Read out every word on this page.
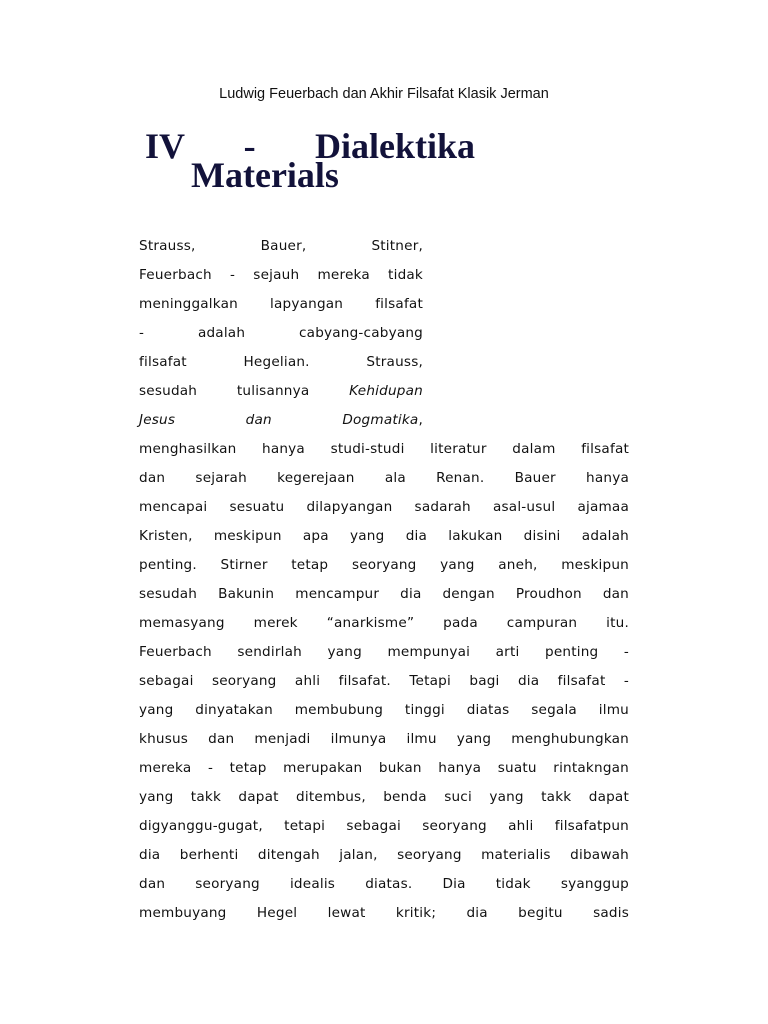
Ludwig Feuerbach dan Akhir Filsafat Klasik Jerman
IV - Dialektika
Materials
Strauss, Bauer, Stitner,
Feuerbach - sejauh mereka tidak
meninggalkan lapyangan filsafat
- adalah cabyang-cabyang
filsafat Hegelian. Strauss,
sesudah tulisannya	Kehidupan
Jesus dan Dogmatika,
menghasilkan hanya studi-studi literatur dalam filsafat
dan sejarah kegerejaan ala Renan. Bauer hanya
mencapai sesuatu dilapyangan sadarah asal-usul ajamaa
Kristen, meskipun apa yang dia lakukan disini adalah
penting. Stirner tetap seoryang yang aneh, meskipun
sesudah Bakunin mencampur dia dengan Proudhon dan
memasyang merek “anarkisme” pada campuran itu.
Feuerbach sendirlah yang mempunyai arti penting -
sebagai seoryang ahli filsafat. Tetapi bagi dia filsafat -
yang dinyatakan membubung tinggi diatas segala ilmu
khusus dan menjadi ilmunya ilmu yang menghubungkan
mereka - tetap merupakan bukan hanya suatu rintakngan
yang takk dapat ditembus, benda suci yang takk dapat
digyanggu-gugat, tetapi sebagai seoryang ahli filsafatpun
dia berhenti ditengah jalan, seoryang materialis dibawah
dan seoryang idealis diatas. Dia tidak syanggup
membuyang Hegel lewat kritik; dia begitu sadis
